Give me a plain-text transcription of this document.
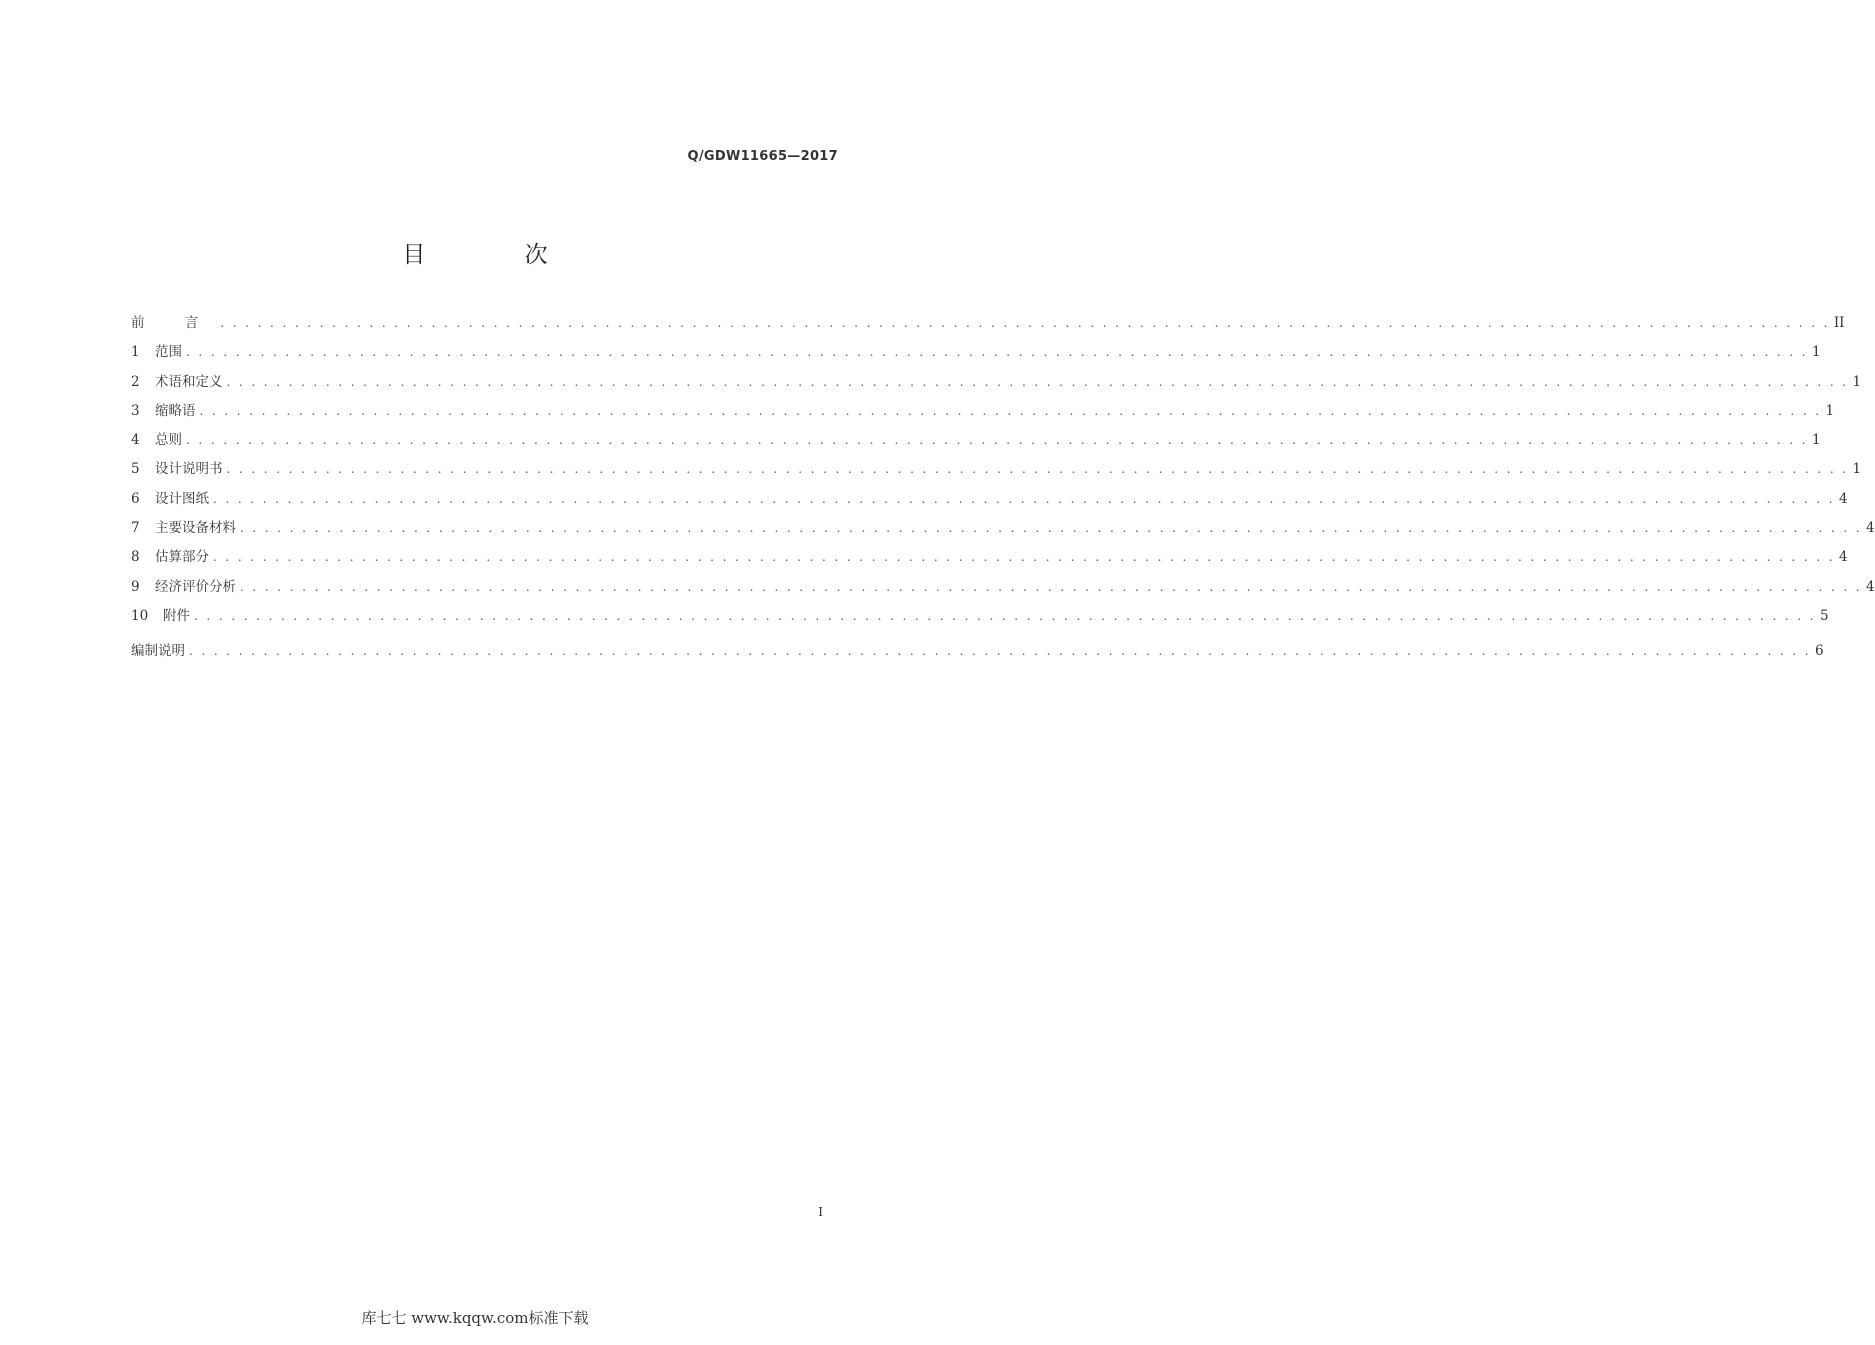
Q/GDW11665—2017
目 次
前 言 . . . . . . . . . . . . . . . . . . . . . . . . . . . . . . . . . . . . . . . . . . . . . . . . . . . . . . . . . . . . . . . . . . . . . . . . . . . . . . . . . . . . . . . . . . . . . . . . . . . . . . . . . . . . . . . . . . . . . . . . . . . . . . . . . . II
1	范围 . . . . . . . . . . . . . . . . . . . . . . . . . . . . . . . . . . . . . . . . . . . . . . . . . . . . . . . . . . . . . . . . . . . . . . . . . . . . . . . . . . . . . . . . . . . . . . . . . . . . . . . . . . . . . . . . . . . . . . . . . . . . . . . . . . . 1
2	术语和定义 . . . . . . . . . . . . . . . . . . . . . . . . . . . . . . . . . . . . . . . . . . . . . . . . . . . . . . . . . . . . . . . . . . . . . . . . . . . . . . . . . . . . . . . . . . . . . . . . . . . . . . . . . . . . . . . . . . . . . . . . . . . . . . . . . . . 1
3	缩略语 . . . . . . . . . . . . . . . . . . . . . . . . . . . . . . . . . . . . . . . . . . . . . . . . . . . . . . . . . . . . . . . . . . . . . . . . . . . . . . . . . . . . . . . . . . . . . . . . . . . . . . . . . . . . . . . . . . . . . . . . . . . . . . . . . . . 1
4	总则 . . . . . . . . . . . . . . . . . . . . . . . . . . . . . . . . . . . . . . . . . . . . . . . . . . . . . . . . . . . . . . . . . . . . . . . . . . . . . . . . . . . . . . . . . . . . . . . . . . . . . . . . . . . . . . . . . . . . . . . . . . . . . . . . . . . 1
5	设计说明书 . . . . . . . . . . . . . . . . . . . . . . . . . . . . . . . . . . . . . . . . . . . . . . . . . . . . . . . . . . . . . . . . . . . . . . . . . . . . . . . . . . . . . . . . . . . . . . . . . . . . . . . . . . . . . . . . . . . . . . . . . . . . . . . . . . . 1
6	设计图纸 . . . . . . . . . . . . . . . . . . . . . . . . . . . . . . . . . . . . . . . . . . . . . . . . . . . . . . . . . . . . . . . . . . . . . . . . . . . . . . . . . . . . . . . . . . . . . . . . . . . . . . . . . . . . . . . . . . . . . . . . . . . . . . . . . . . 4
7	主要设备材料 . . . . . . . . . . . . . . . . . . . . . . . . . . . . . . . . . . . . . . . . . . . . . . . . . . . . . . . . . . . . . . . . . . . . . . . . . . . . . . . . . . . . . . . . . . . . . . . . . . . . . . . . . . . . . . . . . . . . . . . . . . . . . . . . . . . 4
8	估算部分 . . . . . . . . . . . . . . . . . . . . . . . . . . . . . . . . . . . . . . . . . . . . . . . . . . . . . . . . . . . . . . . . . . . . . . . . . . . . . . . . . . . . . . . . . . . . . . . . . . . . . . . . . . . . . . . . . . . . . . . . . . . . . . . . . . . 4
9	经济评价分析 . . . . . . . . . . . . . . . . . . . . . . . . . . . . . . . . . . . . . . . . . . . . . . . . . . . . . . . . . . . . . . . . . . . . . . . . . . . . . . . . . . . . . . . . . . . . . . . . . . . . . . . . . . . . . . . . . . . . . . . . . . . . . . . . . . . 4
10	附件 . . . . . . . . . . . . . . . . . . . . . . . . . . . . . . . . . . . . . . . . . . . . . . . . . . . . . . . . . . . . . . . . . . . . . . . . . . . . . . . . . . . . . . . . . . . . . . . . . . . . . . . . . . . . . . . . . . . . . . . . . . . . . . . . . . . 5
编制说明 . . . . . . . . . . . . . . . . . . . . . . . . . . . . . . . . . . . . . . . . . . . . . . . . . . . . . . . . . . . . . . . . . . . . . . . . . . . . . . . . . . . . . . . . . . . . . . . . . . . . . . . . . . . . . . . . . . . . . . . . . . . . . . . . . . . 6
I
库七七 www.kqqw.com标准下载
